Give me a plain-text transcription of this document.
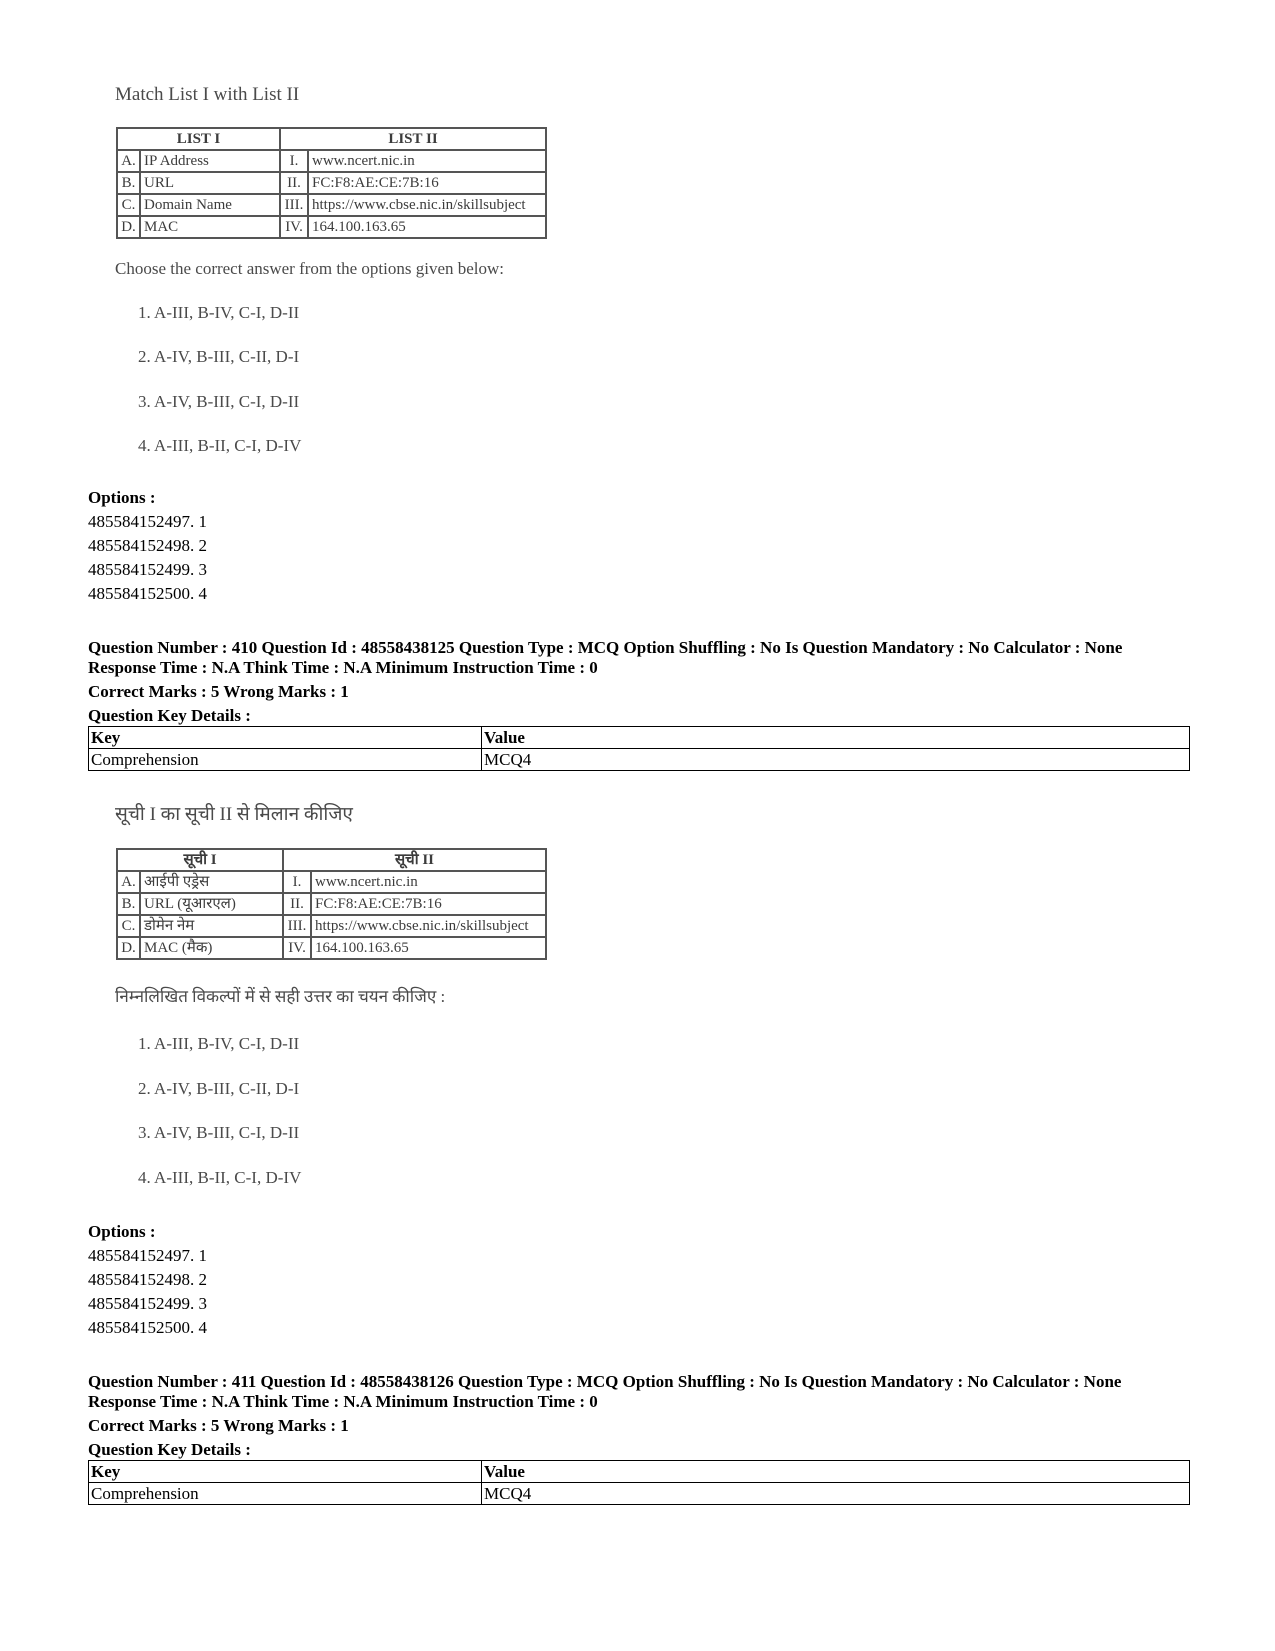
Match List I with List II
LIST I		LIST II	
A.	IP Address	I.	www.ncert.nic.in
B.	URL	II.	FC:F8:AE:CE:7B:16
C.	Domain Name	III.	https://www.cbse.nic.in/skillsubject
D.	MAC	IV.	164.100.163.65
Choose the correct answer from the options given below:
1. A-III, B-IV, C-I, D-II
2. A-IV, B-III, C-II, D-I
3. A-IV, B-III, C-I, D-II
4. A-III, B-II, C-I, D-IV
Options :
485584152497. 1
485584152498. 2
485584152499. 3
485584152500. 4
Question Number : 410 Question Id : 48558438125 Question Type : MCQ Option Shuffling : No Is Question Mandatory : No Calculator : None
Response Time : N.A Think Time : N.A Minimum Instruction Time : 0
Correct Marks : 5 Wrong Marks : 1
Question Key Details :
Key	Value
Comprehension	MCQ4
सूची I का सूची II से मिलान कीजिए
सूची I		सूची II	
A.	आईपी एड्रेस	I.	www.ncert.nic.in
B.	URL (यूआरएल)	II.	FC:F8:AE:CE:7B:16
C.	डोमेन नेम	III.	https://www.cbse.nic.in/skillsubject
D.	MAC (मैक)	IV.	164.100.163.65
निम्नलिखित विकल्पों में से सही उत्तर का चयन कीजिए :
1. A-III, B-IV, C-I, D-II
2. A-IV, B-III, C-II, D-I
3. A-IV, B-III, C-I, D-II
4. A-III, B-II, C-I, D-IV
Options :
485584152497. 1
485584152498. 2
485584152499. 3
485584152500. 4
Question Number : 411 Question Id : 48558438126 Question Type : MCQ Option Shuffling : No Is Question Mandatory : No Calculator : None
Response Time : N.A Think Time : N.A Minimum Instruction Time : 0
Correct Marks : 5 Wrong Marks : 1
Question Key Details :
Key	Value
Comprehension	MCQ4
